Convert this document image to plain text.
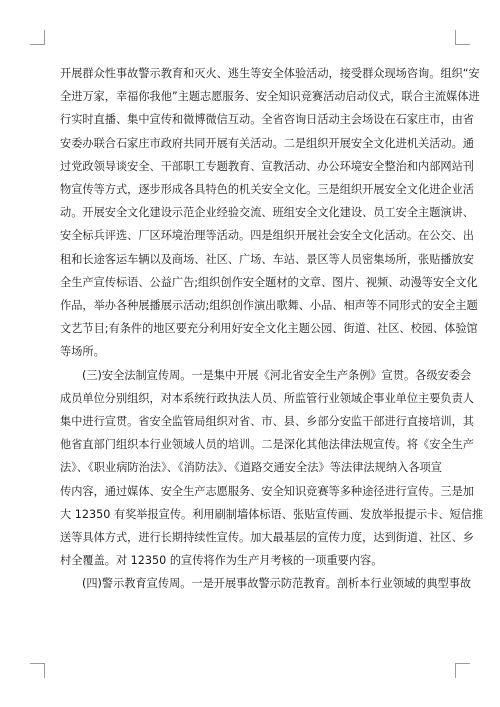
开展群众性事故警示教育和灭火、逃生等安全体验活动，接受群众现场咨询。组织“安
全进万家，幸福你我他”主题志愿服务、安全知识竞赛活动启动仪式，联合主流媒体进
行实时直播、集中宣传和微博微信互动。全省咨询日活动主会场设在石家庄市，由省
安委办联合石家庄市政府共同开展有关活动。二是组织开展安全文化进机关活动。通
过党政领导谈安全、干部职工专题教育、宣教活动、办公环境安全整治和内部网站刊
物宣传等方式，逐步形成各具特色的机关安全文化。三是组织开展安全文化进企业活
动。开展安全文化建设示范企业经验交流、班组安全文化建设、员工安全主题演讲、
安全标兵评选、厂区环境治理等活动。四是组织开展社会安全文化活动。在公交、出
租和长途客运车辆以及商场、社区、广场、车站、景区等人员密集场所，张贴播放安
全生产宣传标语、公益广告;组织创作安全题材的文章、图片、视频、动漫等安全文化
作品，举办各种展播展示活动;组织创作演出歌舞、小品、相声等不同形式的安全主题
文艺节目;有条件的地区要充分利用好安全文化主题公园、街道、社区、校园、体验馆
等场所。

(三)安全法制宣传周。一是集中开展《河北省安全生产条例》宣贯。各级安委会
成员单位分别组织，对本系统行政执法人员、所监管行业领域企事业单位主要负责人
集中进行宣贯。省安全监管局组织对省、市、县、乡部分安监干部进行直接培训，其
他省直部门组织本行业领域人员的培训。二是深化其他法律法规宣传。将《安全生产
法》、《职业病防治法》、《消防法》、《道路交通安全法》等法律法规纳入各项宣
传内容，通过媒体、安全生产志愿服务、安全知识竞赛等多种途径进行宣传。三是加
大 12350 有奖举报宣传。利用刷制墙体标语、张贴宣传画、发放举报提示卡、短信推
送等具体方式，进行长期持续性宣传。加大最基层的宣传力度，达到街道、社区、乡
村全覆盖。对 12350 的宣传将作为生产月考核的一项重要内容。

(四)警示教育宣传周。一是开展事故警示防范教育。剖析本行业领域的典型事故
